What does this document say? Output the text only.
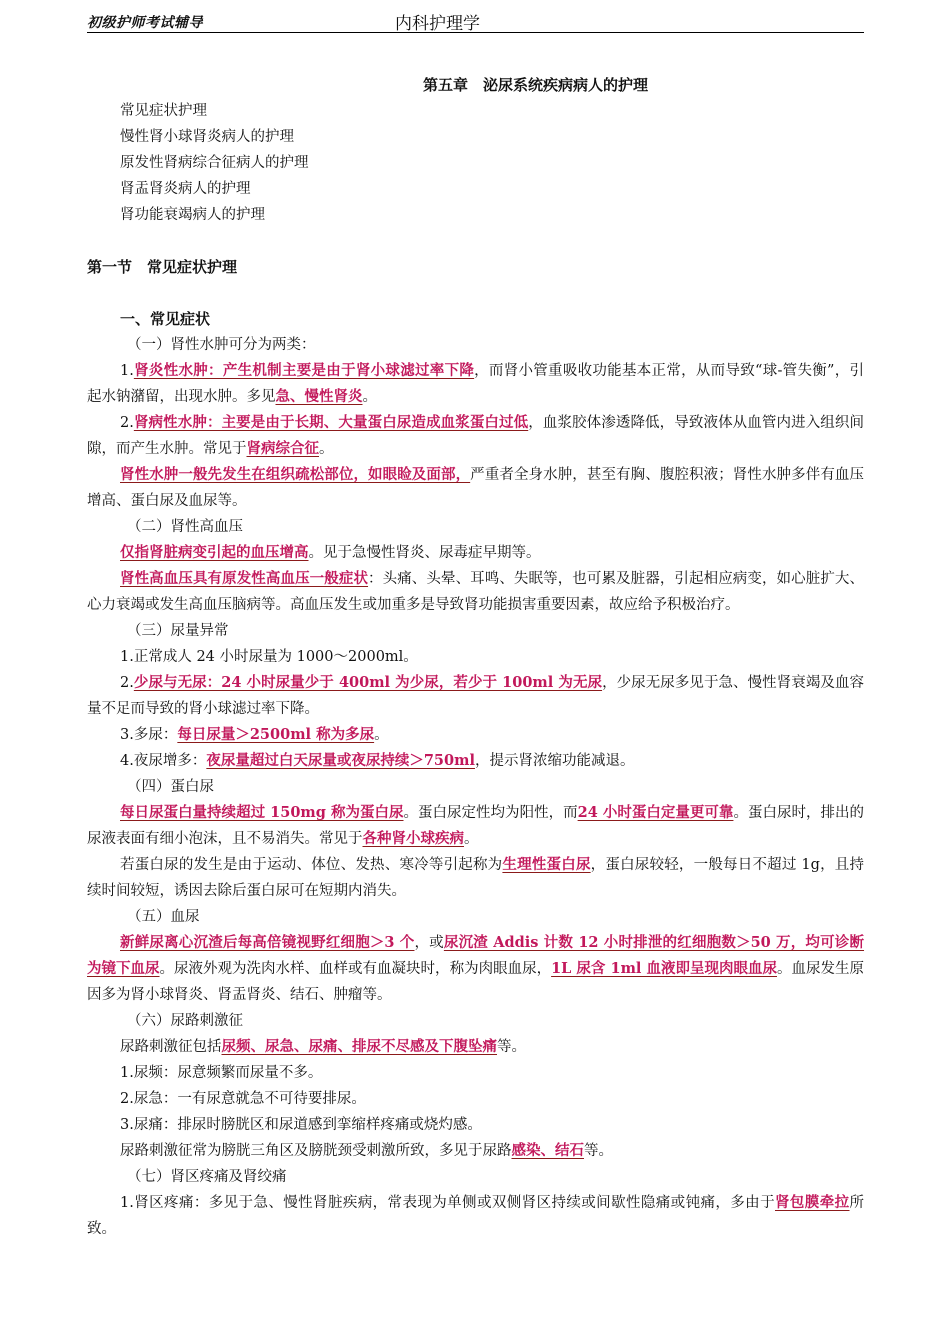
初级护师考试辅导	内科护理学
第五章　泌尿系统疾病病人的护理
常见症状护理
慢性肾小球肾炎病人的护理
原发性肾病综合征病人的护理
肾盂肾炎病人的护理
肾功能衰竭病人的护理
第一节　常见症状护理
一、常见症状
（一）肾性水肿可分为两类：
1.肾炎性水肿：产生机制主要是由于肾小球滤过率下降，而肾小管重吸收功能基本正常，从而导致“球-管失衡”，引起水钠潴留，出现水肿。多见急、慢性肾炎。
2.肾病性水肿：主要是由于长期、大量蛋白尿造成血浆蛋白过低，血浆胶体渗透降低，导致液体从血管内进入组织间隙，而产生水肿。常见于肾病综合征。
肾性水肿一般先发生在组织疏松部位，如眼睑及面部，严重者全身水肿，甚至有胸、腹腔积液；肾性水肿多伴有血压增高、蛋白尿及血尿等。
（二）肾性高血压
仅指肾脏病变引起的血压增高。见于急慢性肾炎、尿毒症早期等。
肾性高血压具有原发性高血压一般症状：头痛、头晕、耳鸣、失眠等，也可累及脏器，引起相应病变，如心脏扩大、心力衰竭或发生高血压脑病等。高血压发生或加重多是导致肾功能损害重要因素，故应给予积极治疗。
（三）尿量异常
1.正常成人 24 小时尿量为 1000～2000ml。
2.少尿与无尿：24 小时尿量少于 400ml 为少尿，若少于 100ml 为无尿，少尿无尿多见于急、慢性肾衰竭及血容量不足而导致的肾小球滤过率下降。
3.多尿：每日尿量＞2500ml 称为多尿。
4.夜尿增多：夜尿量超过白天尿量或夜尿持续＞750ml，提示肾浓缩功能减退。
（四）蛋白尿
每日尿蛋白量持续超过 150mg 称为蛋白尿。蛋白尿定性均为阳性，而24 小时蛋白定量更可靠。蛋白尿时，排出的尿液表面有细小泡沫，且不易消失。常见于各种肾小球疾病。
若蛋白尿的发生是由于运动、体位、发热、寒冷等引起称为生理性蛋白尿，蛋白尿较轻，一般每日不超过 1g，且持续时间较短，诱因去除后蛋白尿可在短期内消失。
（五）血尿
新鲜尿离心沉渣后每高倍镜视野红细胞＞3 个，或尿沉渣 Addis 计数 12 小时排泄的红细胞数＞50 万，均可诊断为镜下血尿。尿液外观为洗肉水样、血样或有血凝块时，称为肉眼血尿，1L 尿含 1ml 血液即呈现肉眼血尿。血尿发生原因多为肾小球肾炎、肾盂肾炎、结石、肿瘤等。
（六）尿路刺激征
尿路刺激征包括尿频、尿急、尿痛、排尿不尽感及下腹坠痛等。
1.尿频：尿意频繁而尿量不多。
2.尿急：一有尿意就急不可待要排尿。
3.尿痛：排尿时膀胱区和尿道感到挛缩样疼痛或烧灼感。
尿路刺激征常为膀胱三角区及膀胱颈受刺激所致，多见于尿路感染、结石等。
（七）肾区疼痛及肾绞痛
1.肾区疼痛：多见于急、慢性肾脏疾病，常表现为单侧或双侧肾区持续或间歇性隐痛或钝痛，多由于肾包膜牵拉所致。
